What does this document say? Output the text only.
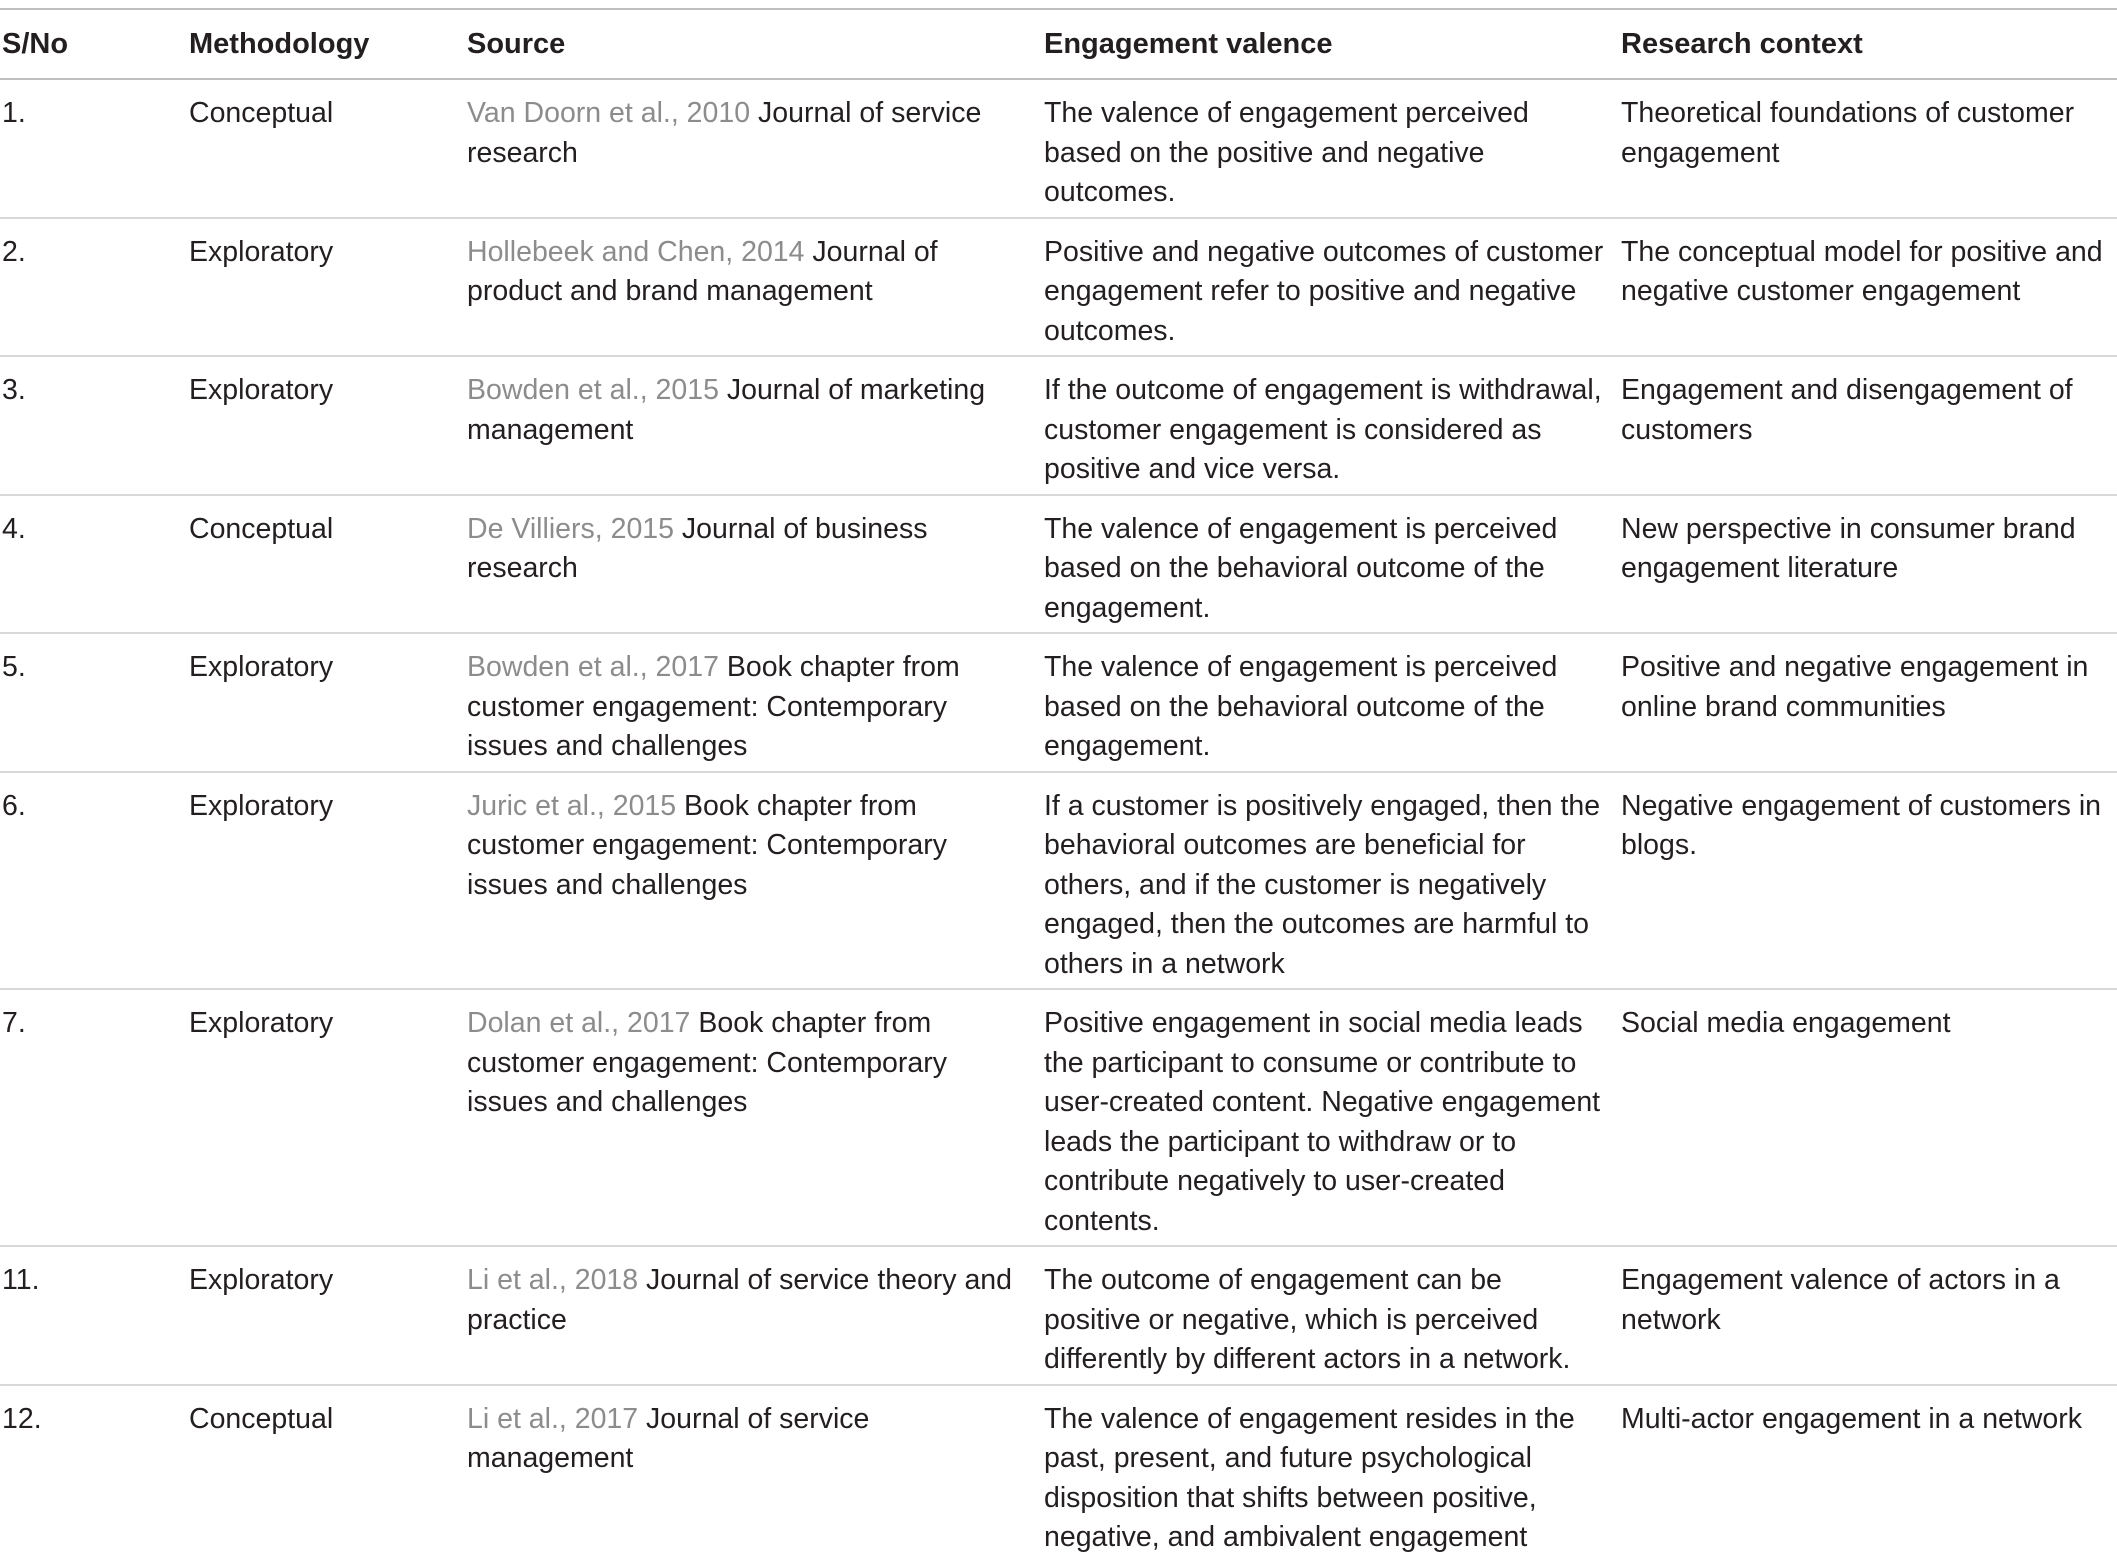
S/No	Methodology	Source	Engagement valence	Research context
1.	Conceptual	Van Doorn et al., 2010 Journal of service research	The valence of engagement perceived based on the positive and negative outcomes.	Theoretical foundations of customer engagement
2.	Exploratory	Hollebeek and Chen, 2014 Journal of product and brand management	Positive and negative outcomes of customer engagement refer to positive and negative outcomes.	The conceptual model for positive and negative customer engagement
3.	Exploratory	Bowden et al., 2015 Journal of marketing management	If the outcome of engagement is withdrawal, customer engagement is considered as positive and vice versa.	Engagement and disengagement of customers
4.	Conceptual	De Villiers, 2015 Journal of business research	The valence of engagement is perceived based on the behavioral outcome of the engagement.	New perspective in consumer brand engagement literature
5.	Exploratory	Bowden et al., 2017 Book chapter from customer engagement: Contemporary issues and challenges	The valence of engagement is perceived based on the behavioral outcome of the engagement.	Positive and negative engagement in online brand communities
6.	Exploratory	Juric et al., 2015 Book chapter from customer engagement: Contemporary issues and challenges	If a customer is positively engaged, then the behavioral outcomes are beneficial for others, and if the customer is negatively engaged, then the outcomes are harmful to others in a network	Negative engagement of customers in blogs.
7.	Exploratory	Dolan et al., 2017 Book chapter from customer engagement: Contemporary issues and challenges	Positive engagement in social media leads the participant to consume or contribute to user-created content. Negative engagement leads the participant to withdraw or to contribute negatively to user-created contents.	Social media engagement
11.	Exploratory	Li et al., 2018 Journal of service theory and practice	The outcome of engagement can be positive or negative, which is perceived differently by different actors in a network.	Engagement valence of actors in a network
12.	Conceptual	Li et al., 2017 Journal of service management	The valence of engagement resides in the past, present, and future psychological disposition that shifts between positive, negative, and ambivalent engagement	Multi-actor engagement in a network
